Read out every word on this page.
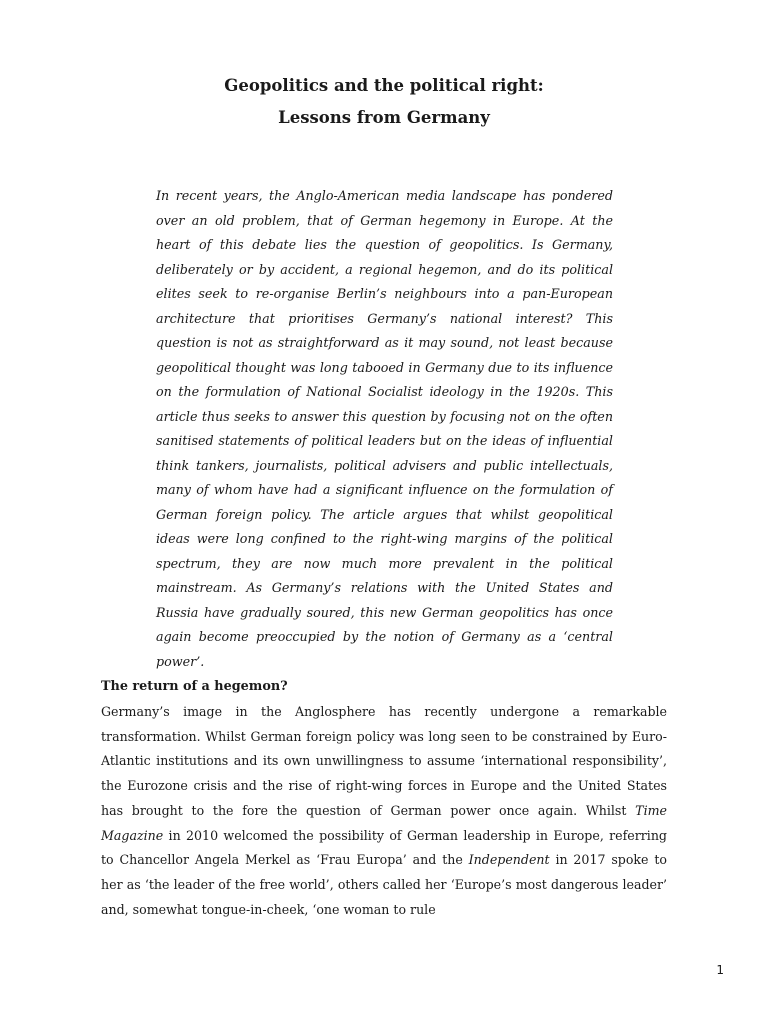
Geopolitics and the political right:
Lessons from Germany

In recent years, the Anglo-American media landscape has pondered over an old problem, that of German hegemony in Europe. At the heart of this debate lies the question of geopolitics. Is Germany, deliberately or by accident, a regional hegemon, and do its political elites seek to re-organise Berlin’s neighbours into a pan-European architecture that prioritises Germany’s national interest? This question is not as straightforward as it may sound, not least because geopolitical thought was long tabooed in Germany due to its influence on the formulation of National Socialist ideology in the 1920s. This article thus seeks to answer this question by focusing not on the often sanitised statements of political leaders but on the ideas of influential think tankers, journalists, political advisers and public intellectuals, many of whom have had a significant influence on the formulation of German foreign policy. The article argues that whilst geopolitical ideas were long confined to the right-wing margins of the political spectrum, they are now much more prevalent in the political mainstream. As Germany’s relations with the United States and Russia have gradually soured, this new German geopolitics has once again become preoccupied by the notion of Germany as a ‘central power’.

The return of a hegemon?

Germany’s image in the Anglosphere has recently undergone a remarkable transformation. Whilst German foreign policy was long seen to be constrained by Euro-Atlantic institutions and its own unwillingness to assume ‘international responsibility’, the Eurozone crisis and the rise of right-wing forces in Europe and the United States has brought to the fore the question of German power once again. Whilst Time Magazine in 2010 welcomed the possibility of German leadership in Europe, referring to Chancellor Angela Merkel as ‘Frau Europa’ and the Independent in 2017 spoke to her as ‘the leader of the free world’, others called her ‘Europe’s most dangerous leader’ and, somewhat tongue-in-cheek, ‘one woman to rule

1
